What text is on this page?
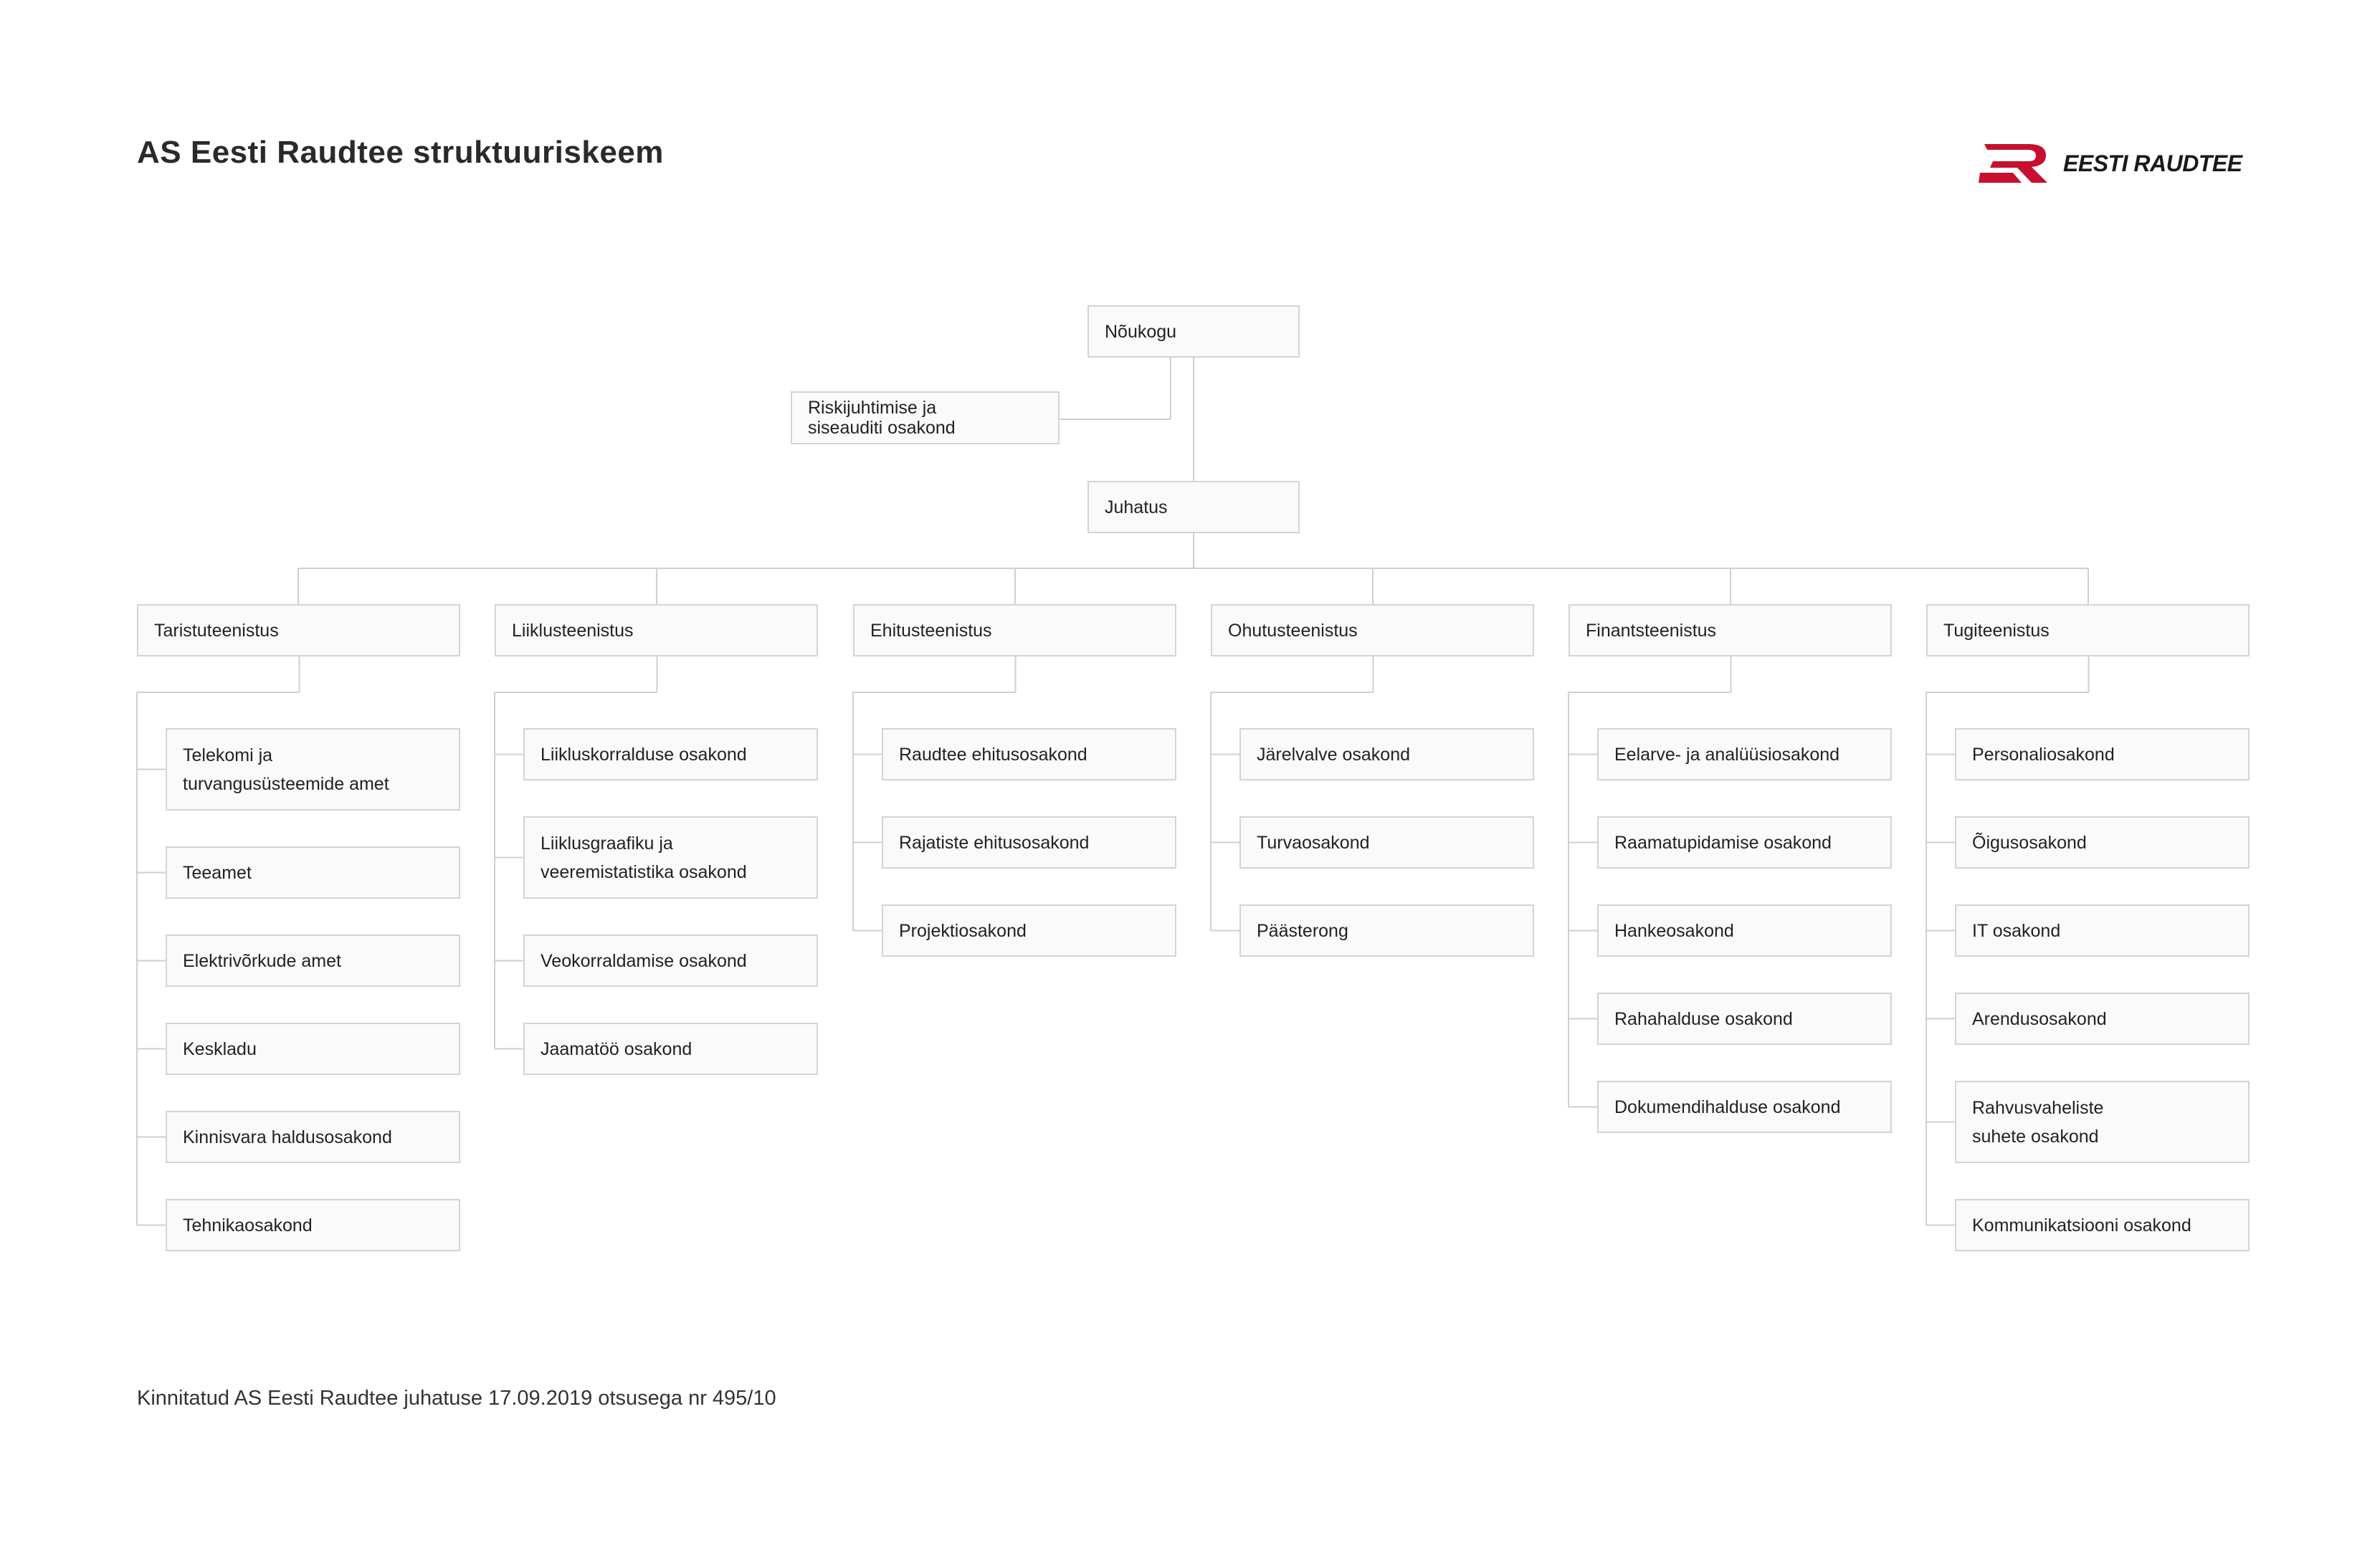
AS Eesti Raudtee struktuuriskeem	EESTI RAUDTEE
Nõukogu
Riskijuhtimise ja
siseauditi osakond
Juhatus
Taristuteenistus
Telekomi ja
turvangusüsteemide amet
Teeamet
Elektrivõrkude amet
Keskladu
Kinnisvara haldusosakond
Tehnikaosakond
Liiklusteenistus
Liikluskorralduse osakond
Liiklusgraafiku ja
veeremistatistika osakond
Veokorraldamise osakond
Jaamatöö osakond
Ehitusteenistus
Raudtee ehitusosakond
Rajatiste ehitusosakond
Projektiosakond
Ohutusteenistus
Järelvalve osakond
Turvaosakond
Päästerong
Finantsteenistus
Eelarve- ja analüüsiosakond
Raamatupidamise osakond
Hankeosakond
Rahahalduse osakond
Dokumendihalduse osakond
Tugiteenistus
Personaliosakond
Õigusosakond
IT osakond
Arendusosakond
Rahvusvaheliste
suhete osakond
Kommunikatsiooni osakond
Kinnitatud AS Eesti Raudtee juhatuse 17.09.2019 otsusega nr 495/10
